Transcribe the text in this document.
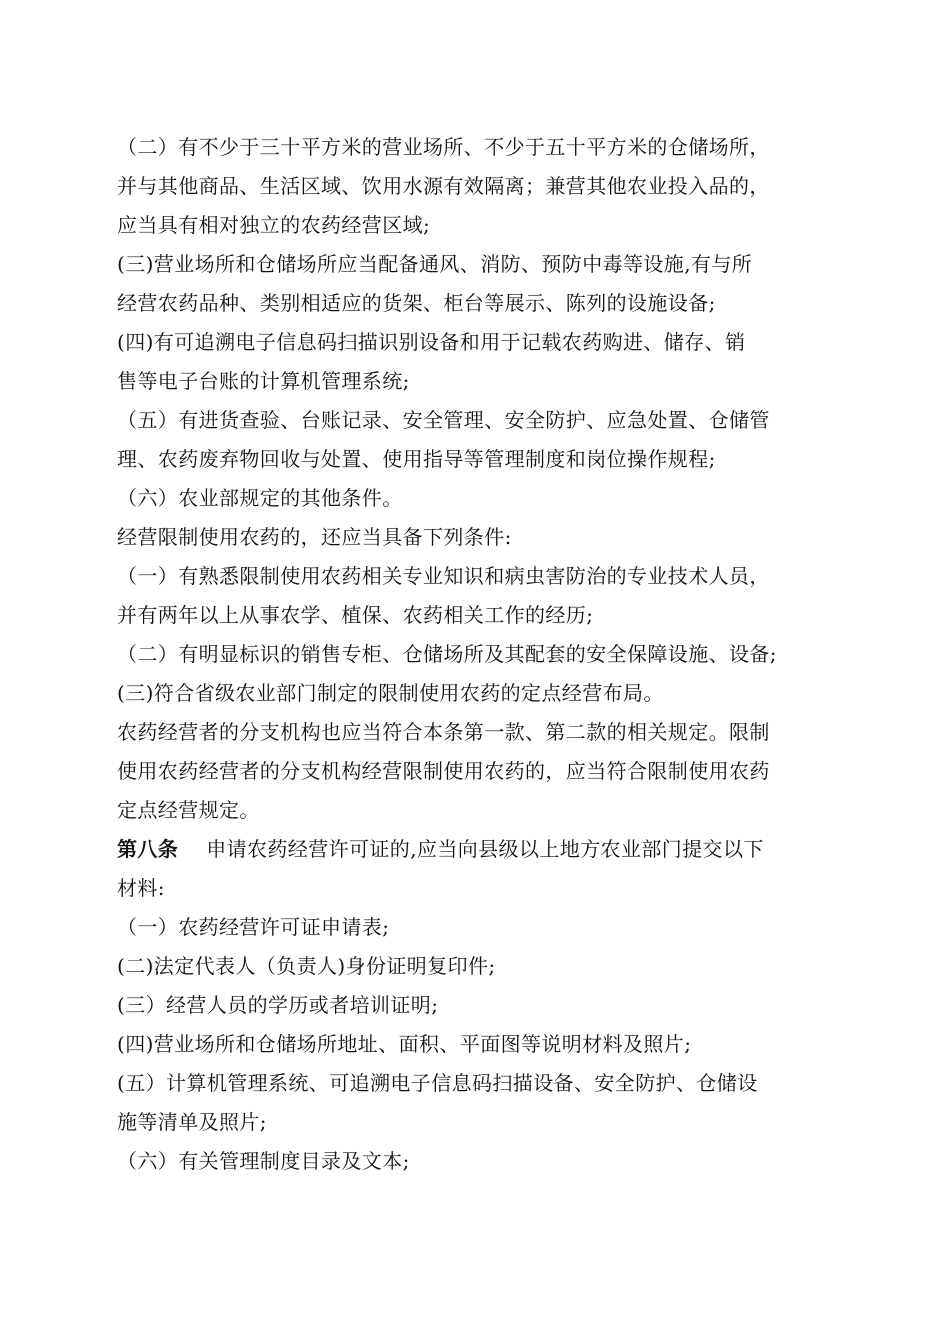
（二）有不少于三十平方米的营业场所、不少于五十平方米的仓储场所，
并与其他商品、生活区域、饮用水源有效隔离；兼营其他农业投入品的，
应当具有相对独立的农药经营区域;
(三)营业场所和仓储场所应当配备通风、消防、预防中毒等设施,有与所
经营农药品种、类别相适应的货架、柜台等展示、陈列的设施设备;
(四)有可追溯电子信息码扫描识别设备和用于记载农药购进、储存、销
售等电子台账的计算机管理系统;
（五）有进货查验、台账记录、安全管理、安全防护、应急处置、仓储管
理、农药废弃物回收与处置、使用指导等管理制度和岗位操作规程;
（六）农业部规定的其他条件。
经营限制使用农药的，还应当具备下列条件:
（一）有熟悉限制使用农药相关专业知识和病虫害防治的专业技术人员，
并有两年以上从事农学、植保、农药相关工作的经历;
（二）有明显标识的销售专柜、仓储场所及其配套的安全保障设施、设备;
(三)符合省级农业部门制定的限制使用农药的定点经营布局。
农药经营者的分支机构也应当符合本条第一款、第二款的相关规定。限制
使用农药经营者的分支机构经营限制使用农药的，应当符合限制使用农药
定点经营规定。
第八条 申请农药经营许可证的,应当向县级以上地方农业部门提交以下
材料:
（一）农药经营许可证申请表;
(二)法定代表人（负责人)身份证明复印件;
(三）经营人员的学历或者培训证明;
(四)营业场所和仓储场所地址、面积、平面图等说明材料及照片;
(五）计算机管理系统、可追溯电子信息码扫描设备、安全防护、仓储设
施等清单及照片;
（六）有关管理制度目录及文本;
